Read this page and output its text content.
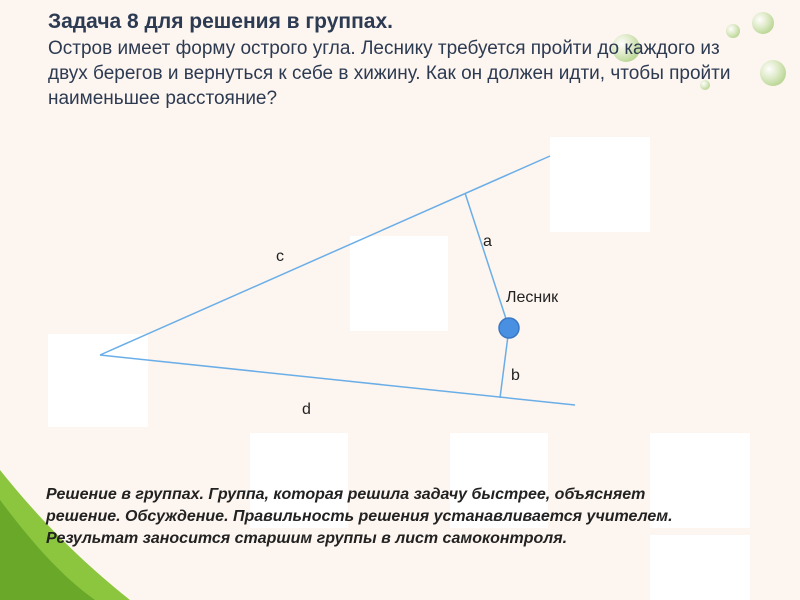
Задача 8 для решения в группах.

Остров имеет форму острого угла. Леснику требуется пройти до каждого из двух берегов и вернуться к себе в хижину. Как он должен идти, чтобы пройти наименьшее расстояние?

c
a
Лесник
b
d
Решение в группах. Группа, которая решила задачу быстрее, объясняет решение. Обсуждение. Правильность решения устанавливается учителем. Результат заносится старшим группы в лист самоконтроля.
